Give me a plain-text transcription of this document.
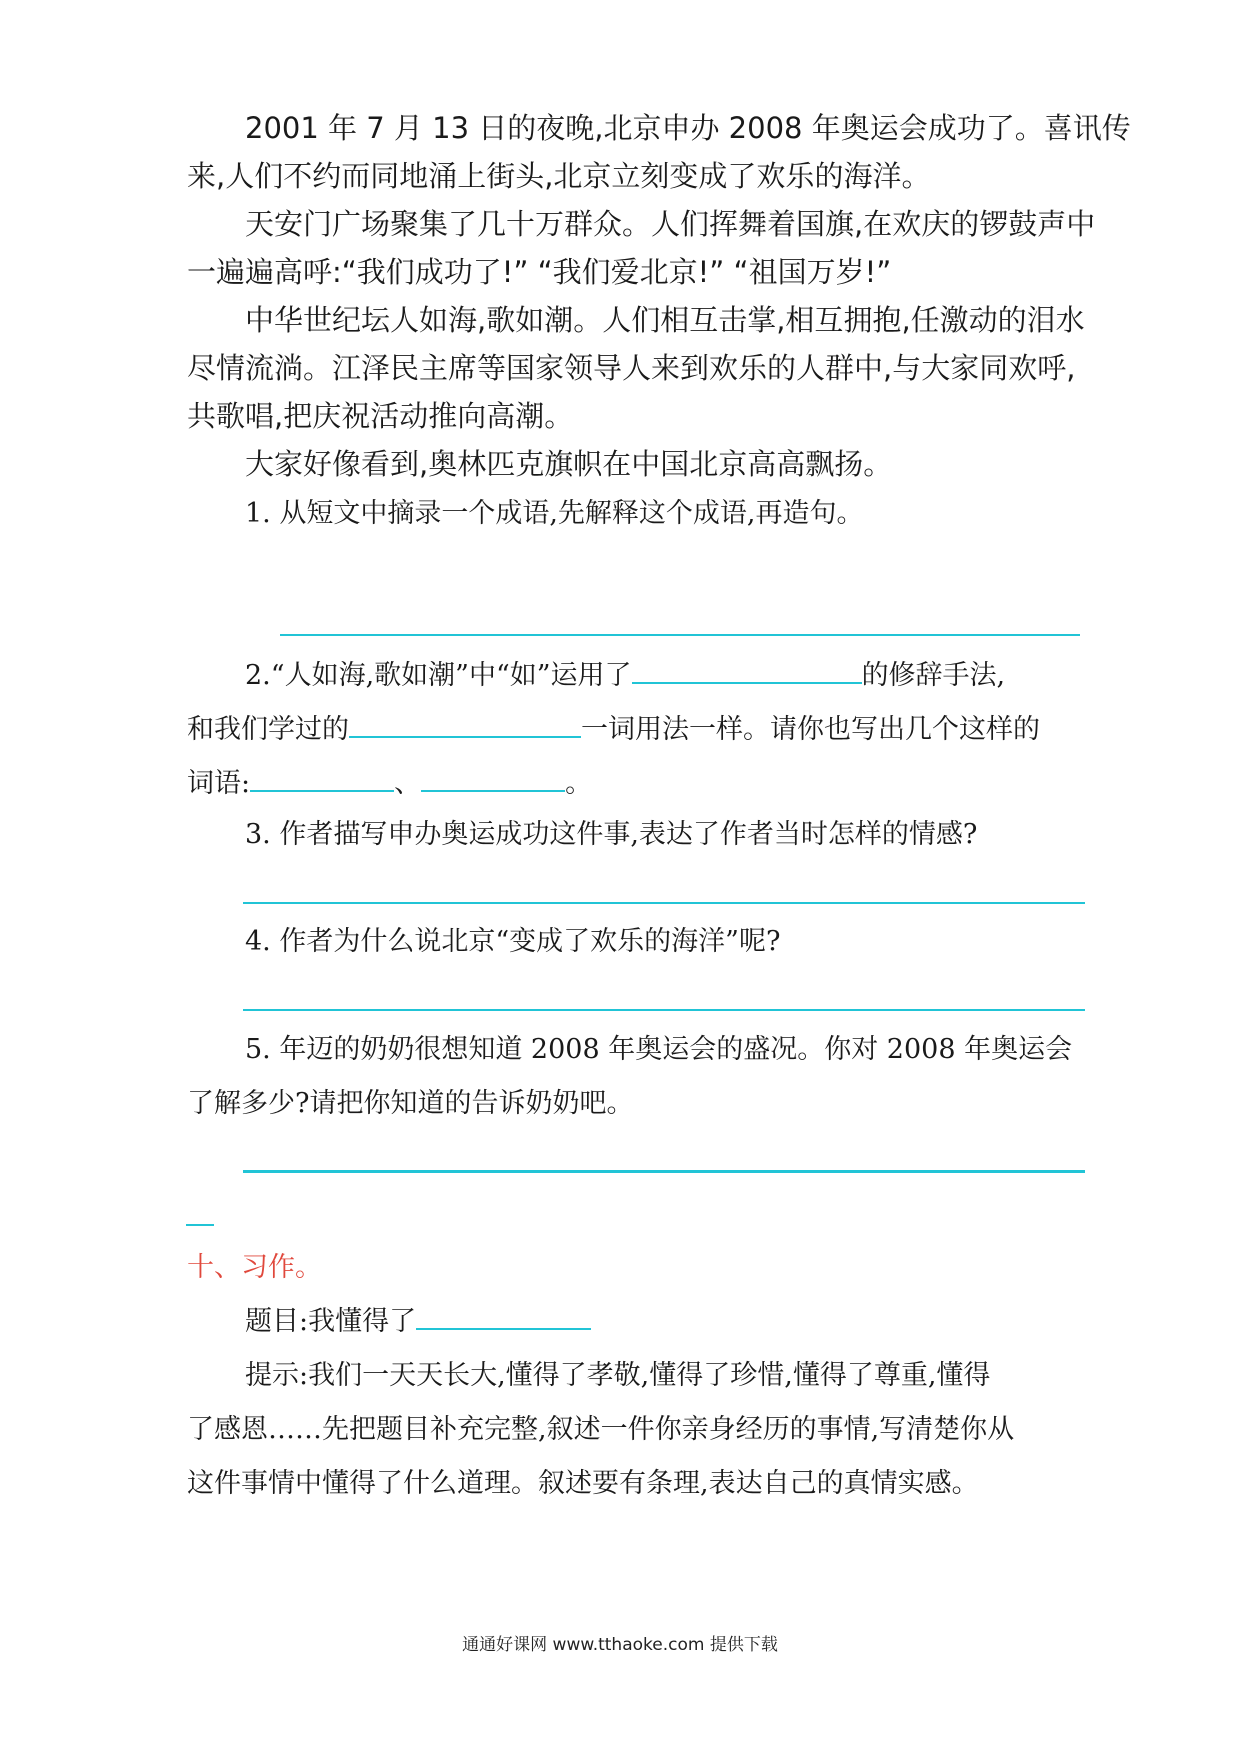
2001 年 7 月 13 日的夜晚,北京申办 2008 年奥运会成功了。喜讯传
来,人们不约而同地涌上街头,北京立刻变成了欢乐的海洋。
天安门广场聚集了几十万群众。人们挥舞着国旗,在欢庆的锣鼓声中
一遍遍高呼:“我们成功了!” “我们爱北京!” “祖国万岁!”
中华世纪坛人如海,歌如潮。人们相互击掌,相互拥抱,任激动的泪水
尽情流淌。江泽民主席等国家领导人来到欢乐的人群中,与大家同欢呼,
共歌唱,把庆祝活动推向高潮。
大家好像看到,奥林匹克旗帜在中国北京高高飘扬。
1. 从短文中摘录一个成语,先解释这个成语,再造句。
2.“人如海,歌如潮”中“如”运用了	的修辞手法,
和我们学过的	一词用法一样。请你也写出几个这样的
词语:	、	。
3. 作者描写申办奥运成功这件事,表达了作者当时怎样的情感?
4. 作者为什么说北京“变成了欢乐的海洋”呢?
5. 年迈的奶奶很想知道 2008 年奥运会的盛况。你对 2008 年奥运会
了解多少?请把你知道的告诉奶奶吧。
十、习作。
题目:我懂得了
提示:我们一天天长大,懂得了孝敬,懂得了珍惜,懂得了尊重,懂得
了感恩……先把题目补充完整,叙述一件你亲身经历的事情,写清楚你从
这件事情中懂得了什么道理。叙述要有条理,表达自己的真情实感。
通通好课网 www.tthaoke.com 提供下载
